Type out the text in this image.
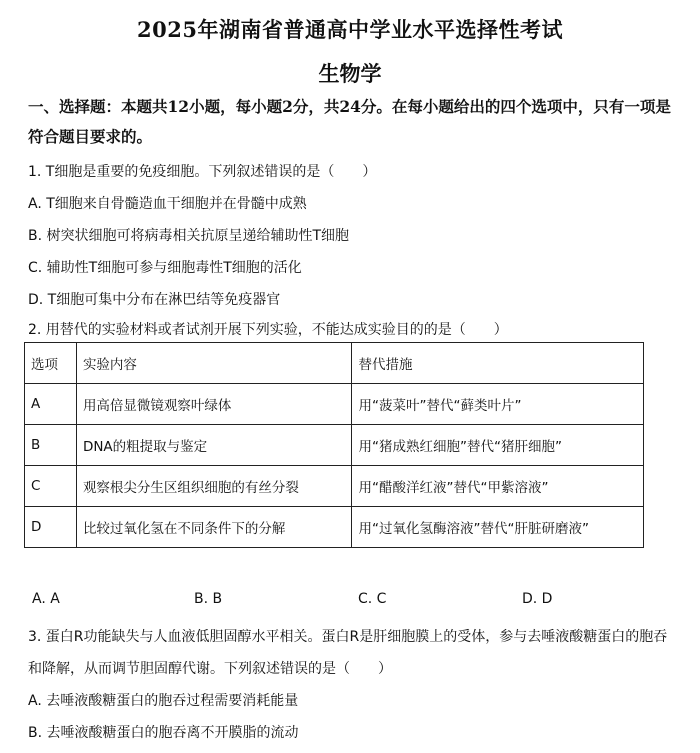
2025年湖南省普通高中学业水平选择性考试
生物学
一、选择题：本题共12小题，每小题2分，共24分。在每小题给出的四个选项中，只有一项是符合题目要求的。
1. T细胞是重要的免疫细胞。下列叙述错误的是（　　）
A. T细胞来自骨髓造血干细胞并在骨髓中成熟
B. 树突状细胞可将病毒相关抗原呈递给辅助性T细胞
C. 辅助性T细胞可参与细胞毒性T细胞的活化
D. T细胞可集中分布在淋巴结等免疫器官
2. 用替代的实验材料或者试剂开展下列实验，不能达成实验目的的是（　　）
选项	实验内容	替代措施
A	用高倍显微镜观察叶绿体	用“菠菜叶”替代“藓类叶片”
B	DNA的粗提取与鉴定	用“猪成熟红细胞”替代“猪肝细胞”
C	观察根尖分生区组织细胞的有丝分裂	用“醋酸洋红液”替代“甲紫溶液”
D	比较过氧化氢在不同条件下的分解	用“过氧化氢酶溶液”替代“肝脏研磨液”
A. A	B. B	C. C	D. D
3. 蛋白R功能缺失与人血液低胆固醇水平相关。蛋白R是肝细胞膜上的受体，参与去唾液酸糖蛋白的胞吞
和降解，从而调节胆固醇代谢。下列叙述错误的是（　　）
A. 去唾液酸糖蛋白的胞吞过程需要消耗能量
B. 去唾液酸糖蛋白的胞吞离不开膜脂的流动
